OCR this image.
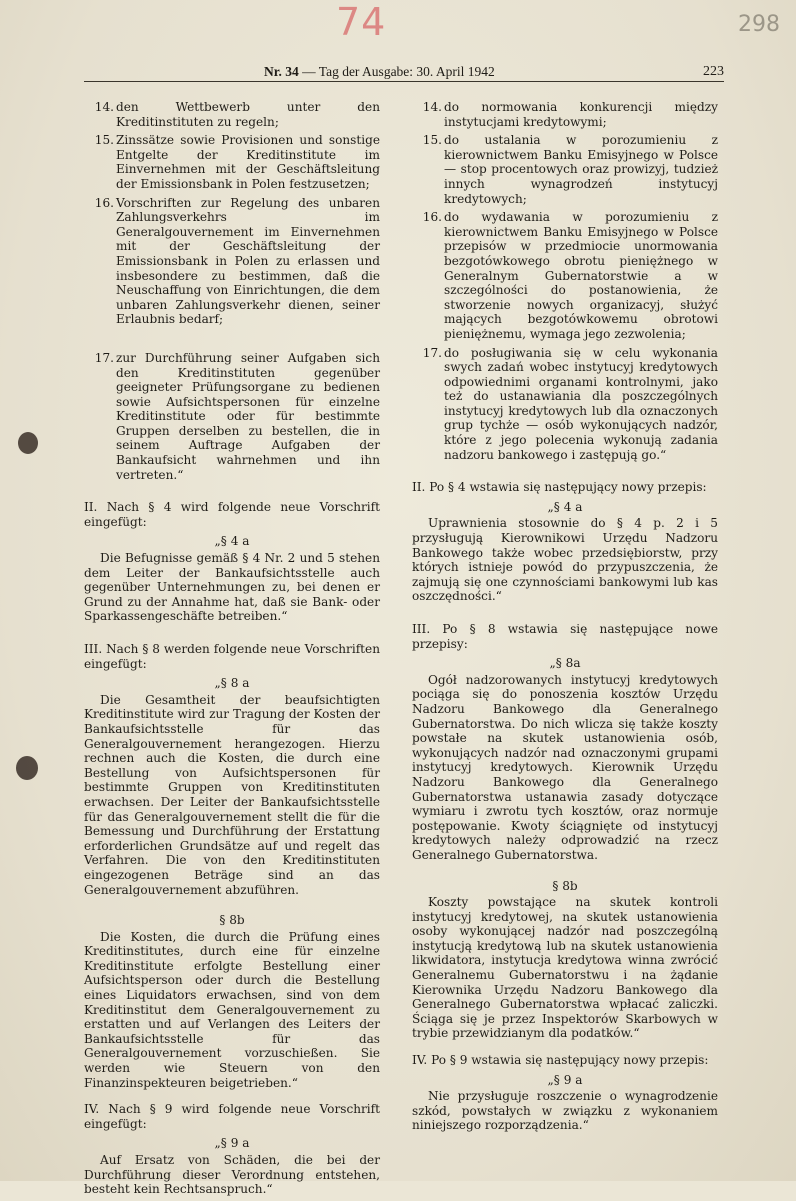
74	298
Nr. 34 — Tag der Ausgabe: 30. April 1942	223
14. den Wettbewerb unter den Kreditinstituten zu regeln;
15. Zinssätze sowie Provisionen und sonstige Entgelte der Kreditinstitute im Einvernehmen mit der Geschäftsleitung der Emissionsbank in Polen festzusetzen;
16. Vorschriften zur Regelung des unbaren Zahlungsverkehrs im Generalgouvernement im Einvernehmen mit der Geschäftsleitung der Emissionsbank in Polen zu erlassen und insbesondere zu bestimmen, daß die Neuschaffung von Einrichtungen, die dem unbaren Zahlungsverkehr dienen, seiner Erlaubnis bedarf;
17. zur Durchführung seiner Aufgaben sich den Kreditinstituten gegenüber geeigneter Prüfungsorgane zu bedienen sowie Aufsichtspersonen für einzelne Kreditinstitute oder für bestimmte Gruppen derselben zu bestellen, die in seinem Auftrage Aufgaben der Bankaufsicht wahrnehmen und ihn vertreten.“
II. Nach § 4 wird folgende neue Vorschrift eingefügt:
„§ 4 a
Die Befugnisse gemäß § 4 Nr. 2 und 5 stehen dem Leiter der Bankaufsichtsstelle auch gegenüber Unternehmungen zu, bei denen er Grund zu der Annahme hat, daß sie Bank- oder Sparkassengeschäfte betreiben.“
III. Nach § 8 werden folgende neue Vorschriften eingefügt:
„§ 8 a
Die Gesamtheit der beaufsichtigten Kreditinstitute wird zur Tragung der Kosten der Bankaufsichtsstelle für das Generalgouvernement herangezogen. Hierzu rechnen auch die Kosten, die durch eine Bestellung von Aufsichtspersonen für bestimmte Gruppen von Kreditinstituten erwachsen. Der Leiter der Bankaufsichtsstelle für das Generalgouvernement stellt die für die Bemessung und Durchführung der Erstattung erforderlichen Grundsätze auf und regelt das Verfahren. Die von den Kreditinstituten eingezogenen Beträge sind an das Generalgouvernement abzuführen.
§ 8b
Die Kosten, die durch die Prüfung eines Kreditinstitutes, durch eine für einzelne Kreditinstitute erfolgte Bestellung einer Aufsichtsperson oder durch die Bestellung eines Liquidators erwachsen, sind von dem Kreditinstitut dem Generalgouvernement zu erstatten und auf Verlangen des Leiters der Bankaufsichtsstelle für das Generalgouvernement vorzuschießen. Sie werden wie Steuern von den Finanzinspekteuren beigetrieben.“
IV. Nach § 9 wird folgende neue Vorschrift eingefügt:
„§ 9 a
Auf Ersatz von Schäden, die bei der Durchführung dieser Verordnung entstehen, besteht kein Rechtsanspruch.“
14. do normowania konkurencji między instytucjami kredytowymi;
15. do ustalania w porozumieniu z kierownictwem Banku Emisyjnego w Polsce — stop procentowych oraz prowizyj, tudzież innych wynagrodzeń instytucyj kredytowych;
16. do wydawania w porozumieniu z kierownictwem Banku Emisyjnego w Polsce przepisów w przedmiocie unormowania bezgotówkowego obrotu pieniężnego w Generalnym Gubernatorstwie a w szczególności do postanowienia, że stworzenie nowych organizacyj, służyć mających bezgotówkowemu obrotowi pieniężnemu, wymaga jego zezwolenia;
17. do posługiwania się w celu wykonania swych zadań wobec instytucyj kredytowych odpowiednimi organami kontrolnymi, jako też do ustanawiania dla poszczególnych instytucyj kredytowych lub dla oznaczonych grup tychże — osób wykonujących nadzór, które z jego polecenia wykonują zadania nadzoru bankowego i zastępują go.“
II. Po § 4 wstawia się następujący nowy przepis:
„§ 4 a
Uprawnienia stosownie do § 4 p. 2 i 5 przysługują Kierownikowi Urzędu Nadzoru Bankowego także wobec przedsiębiorstw, przy których istnieje powód do przypuszczenia, że zajmują się one czynnościami bankowymi lub kas oszczędności.“
III. Po § 8 wstawia się następujące nowe przepisy:
„§ 8a
Ogół nadzorowanych instytucyj kredytowych pociąga się do ponoszenia kosztów Urzędu Nadzoru Bankowego dla Generalnego Gubernatorstwa. Do nich wlicza się także koszty powstałe na skutek ustanowienia osób, wykonujących nadzór nad oznaczonymi grupami instytucyj kredytowych. Kierownik Urzędu Nadzoru Bankowego dla Generalnego Gubernatorstwa ustanawia zasady dotyczące wymiaru i zwrotu tych kosztów, oraz normuje postępowanie. Kwoty ściągnięte od instytucyj kredytowych należy odprowadzić na rzecz Generalnego Gubernatorstwa.
§ 8b
Koszty powstające na skutek kontroli instytucyj kredytowej, na skutek ustanowienia osoby wykonującej nadzór nad poszczególną instytucją kredytową lub na skutek ustanowienia likwidatora, instytucja kredytowa winna zwrócić Generalnemu Gubernatorstwu i na żądanie Kierownika Urzędu Nadzoru Bankowego dla Generalnego Gubernatorstwa wpłacać zaliczki. Ściąga się je przez Inspektorów Skarbowych w trybie przewidzianym dla podatków.“
IV. Po § 9 wstawia się następujący nowy przepis:
„§ 9 a
Nie przysługuje roszczenie o wynagrodzenie szkód, powstałych w związku z wykonaniem niniejszego rozporządzenia.“
